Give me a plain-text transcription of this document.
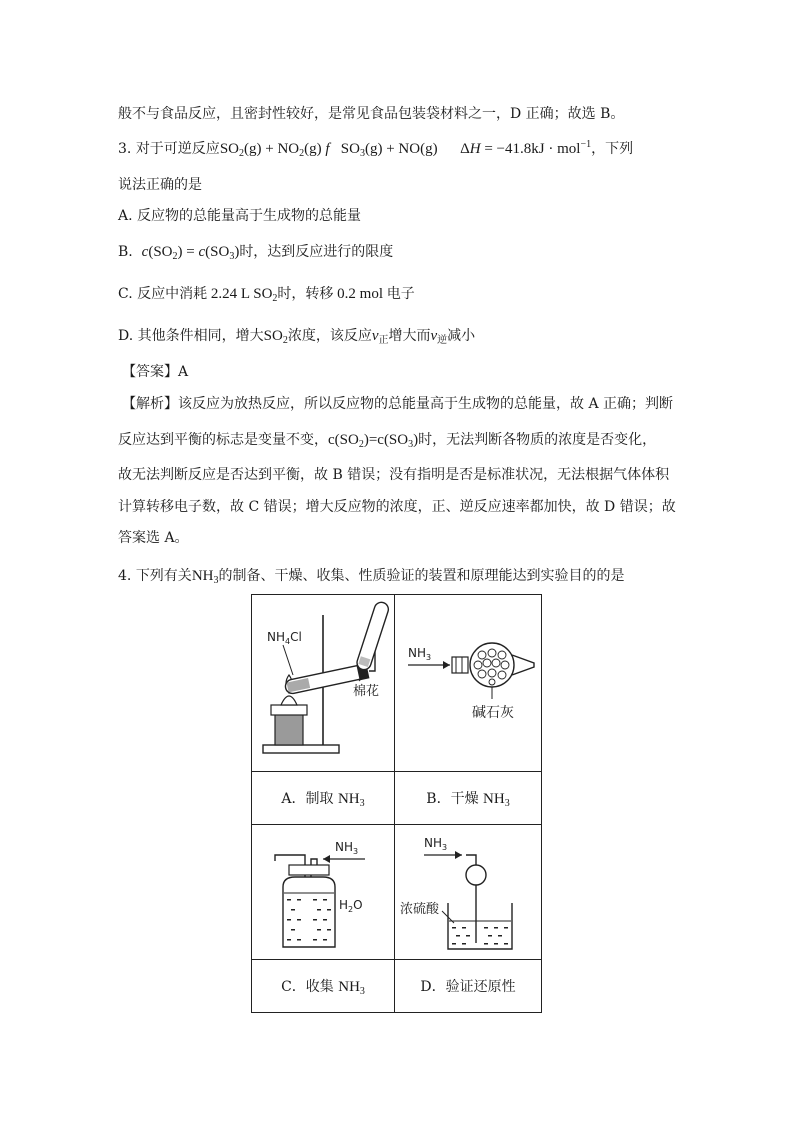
般不与食品反应，且密封性较好，是常见食品包装袋材料之一，D 正确；故选 B。
3. 对于可逆反应$SO_2(g) + NO_2(g)$ f   $SO_3(g) + NO(g)$      ΔH = −41.8kJ · mol$^{-1}$，下列
说法正确的是
A. 反应物的总能量高于生成物的总能量
B. $c(SO_2) = c(SO_3)$时，达到反应进行的限度
C. 反应中消耗 2.24 L $SO_2$时，转移 0.2 mol 电子
D. 其他条件相同，增大$SO_2$浓度，该反应$v_正$增大而$v_逆$减小
【答案】A
【解析】该反应为放热反应，所以反应物的总能量高于生成物的总能量，故 A 正确；判断
反应达到平衡的标志是变量不变，$c(SO_2)=c(SO_3)$时，无法判断各物质的浓度是否变化，
故无法判断反应是否达到平衡，故 B 错误；没有指明是否是标准状况，无法根据气体体积
计算转移电子数，故 C 错误；增大反应物的浓度，正、逆反应速率都加快，故 D 错误；故
答案选 A。
4. 下列有关$NH_3$的制备、干燥、收集、性质验证的装置和原理能达到实验目的的是
$NH_4Cl$
棉花	$NH_3$
碱石灰

A．制取 $NH_3$	B．干燥 $NH_3$

$NH_3$
$H_2O$	$NH_3$
浓硫酸

C．收集 $NH_3$	D．验证还原性
